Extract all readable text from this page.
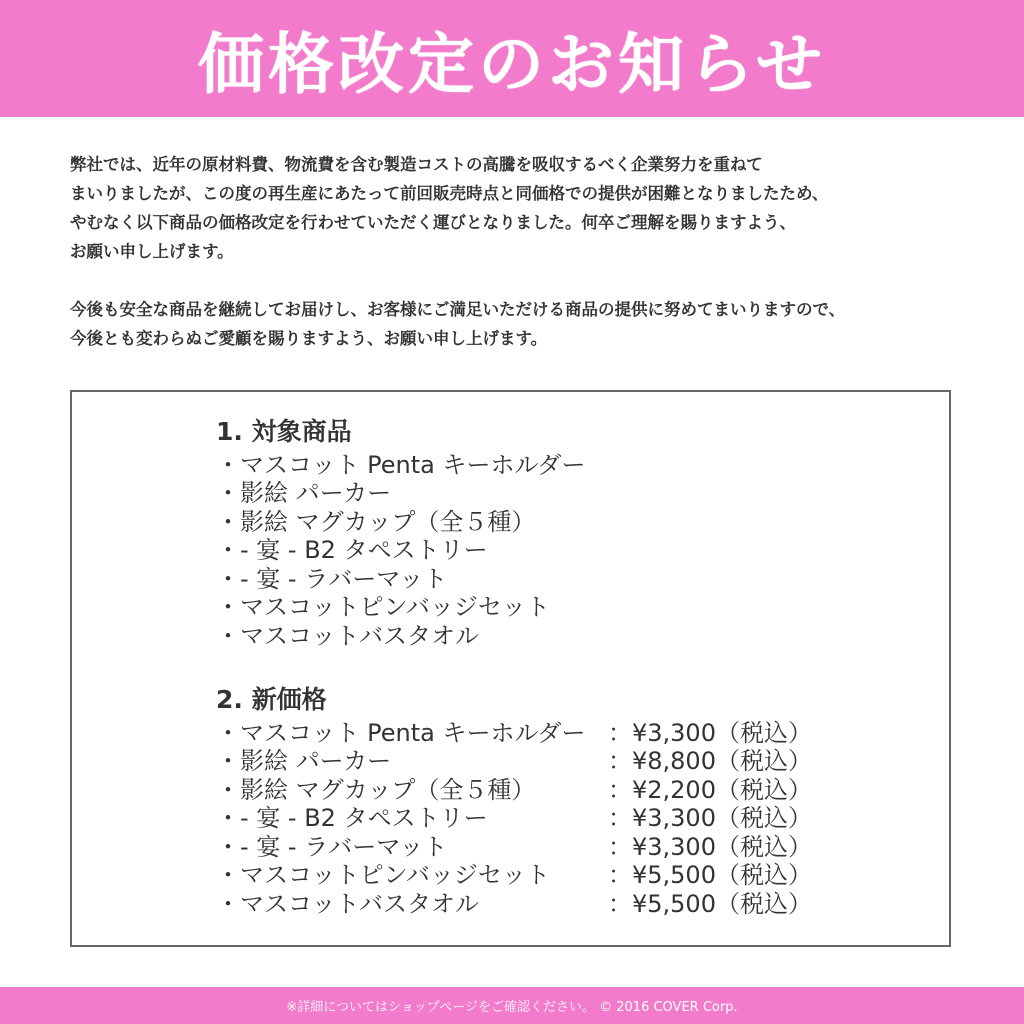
価格改定のお知らせ

弊社では、近年の原材料費、物流費を含む製造コストの高騰を吸収するべく企業努力を重ねて
まいりましたが、この度の再生産にあたって前回販売時点と同価格での提供が困難となりましたため、
やむなく以下商品の価格改定を行わせていただく運びとなりました。何卒ご理解を賜りますよう、
お願い申し上げます。

今後も安全な商品を継続してお届けし、お客様にご満足いただける商品の提供に努めてまいりますので、
今後とも変わらぬご愛顧を賜りますよう、お願い申し上げます。

1. 対象商品
・マスコット Penta キーホルダー
・影絵 パーカー
・影絵 マグカップ（全５種）
・- 宴 - B2 タペストリー
・- 宴 - ラバーマット
・マスコットピンバッジセット
・マスコットバスタオル
2. 新価格
・マスコット Penta キーホルダー ：¥3,300（税込）
・影絵 パーカー	：¥8,800（税込）
・影絵 マグカップ（全５種）	：¥2,200（税込）
・- 宴 - B2 タペストリー	：¥3,300（税込）
・- 宴 - ラバーマット	：¥3,300（税込）
・マスコットピンバッジセット	：¥5,500（税込）
・マスコットバスタオル	：¥5,500（税込）
※詳細についてはショップページをご確認ください。 © 2016 COVER Corp.
